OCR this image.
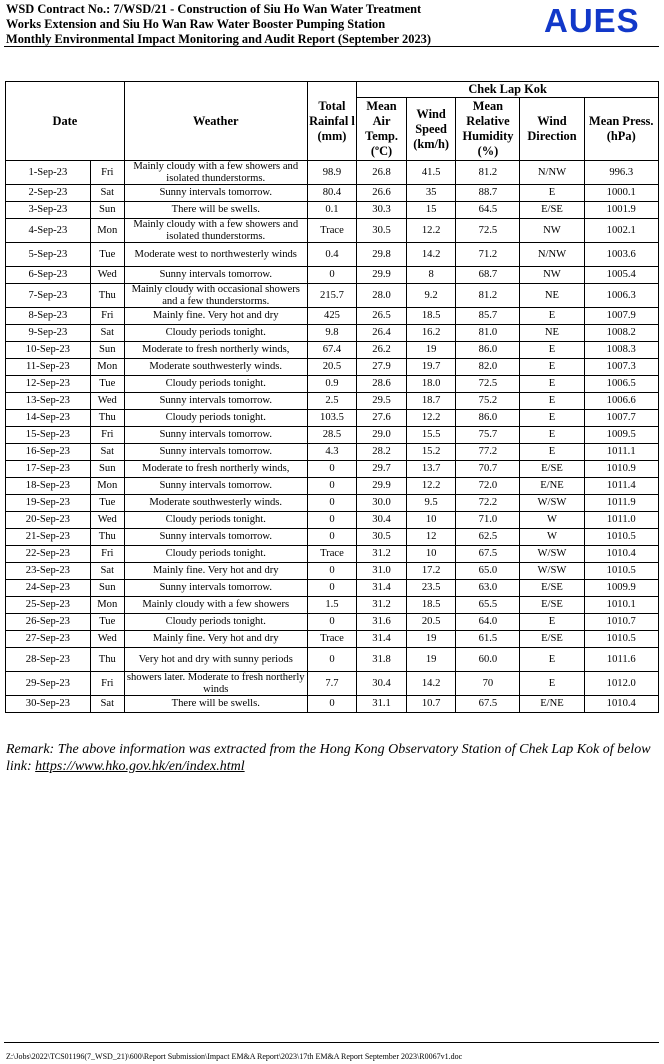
WSD Contract No.: 7/WSD/21 - Construction of Siu Ho Wan Water Treatment
Works Extension and Siu Ho Wan Raw Water Booster Pumping Station
Monthly Environmental Impact Monitoring and Audit Report (September 2023)	AUES
Date		Weather	Total Rainfal l (mm)	Chek Lap Kok				
				Mean Air Temp. (ºC)	Wind Speed (km/h)	Mean Relative Humidity (%)	Wind Direction	Mean Press. (hPa)
1-Sep-23	Fri	Mainly cloudy with a few showers and isolated thunderstorms.	98.9	26.8	41.5	81.2	N/NW	996.3
2-Sep-23	Sat	Sunny intervals tomorrow.	80.4	26.6	35	88.7	E	1000.1
3-Sep-23	Sun	There will be swells.	0.1	30.3	15	64.5	E/SE	1001.9
4-Sep-23	Mon	Mainly cloudy with a few showers and isolated thunderstorms.	Trace	30.5	12.2	72.5	NW	1002.1
5-Sep-23	Tue	Moderate west to northwesterly winds	0.4	29.8	14.2	71.2	N/NW	1003.6
6-Sep-23	Wed	Sunny intervals tomorrow.	0	29.9	8	68.7	NW	1005.4
7-Sep-23	Thu	Mainly cloudy with occasional showers and a few thunderstorms.	215.7	28.0	9.2	81.2	NE	1006.3
8-Sep-23	Fri	Mainly fine. Very hot and dry	425	26.5	18.5	85.7	E	1007.9
9-Sep-23	Sat	Cloudy periods tonight.	9.8	26.4	16.2	81.0	NE	1008.2
10-Sep-23	Sun	Moderate to fresh northerly winds,	67.4	26.2	19	86.0	E	1008.3
11-Sep-23	Mon	Moderate southwesterly winds.	20.5	27.9	19.7	82.0	E	1007.3
12-Sep-23	Tue	Cloudy periods tonight.	0.9	28.6	18.0	72.5	E	1006.5
13-Sep-23	Wed	Sunny intervals tomorrow.	2.5	29.5	18.7	75.2	E	1006.6
14-Sep-23	Thu	Cloudy periods tonight.	103.5	27.6	12.2	86.0	E	1007.7
15-Sep-23	Fri	Sunny intervals tomorrow.	28.5	29.0	15.5	75.7	E	1009.5
16-Sep-23	Sat	Sunny intervals tomorrow.	4.3	28.2	15.2	77.2	E	1011.1
17-Sep-23	Sun	Moderate to fresh northerly winds,	0	29.7	13.7	70.7	E/SE	1010.9
18-Sep-23	Mon	Sunny intervals tomorrow.	0	29.9	12.2	72.0	E/NE	1011.4
19-Sep-23	Tue	Moderate southwesterly winds.	0	30.0	9.5	72.2	W/SW	1011.9
20-Sep-23	Wed	Cloudy periods tonight.	0	30.4	10	71.0	W	1011.0
21-Sep-23	Thu	Sunny intervals tomorrow.	0	30.5	12	62.5	W	1010.5
22-Sep-23	Fri	Cloudy periods tonight.	Trace	31.2	10	67.5	W/SW	1010.4
23-Sep-23	Sat	Mainly fine. Very hot and dry	0	31.0	17.2	65.0	W/SW	1010.5
24-Sep-23	Sun	Sunny intervals tomorrow.	0	31.4	23.5	63.0	E/SE	1009.9
25-Sep-23	Mon	Mainly cloudy with a few showers	1.5	31.2	18.5	65.5	E/SE	1010.1
26-Sep-23	Tue	Cloudy periods tonight.	0	31.6	20.5	64.0	E	1010.7
27-Sep-23	Wed	Mainly fine. Very hot and dry	Trace	31.4	19	61.5	E/SE	1010.5
28-Sep-23	Thu	Very hot and dry with sunny periods	0	31.8	19	60.0	E	1011.6
29-Sep-23	Fri	showers later. Moderate to fresh northerly winds	7.7	30.4	14.2	70	E	1012.0
30-Sep-23	Sat	There will be swells.	0	31.1	10.7	67.5	E/NE	1010.4
Remark: The above information was extracted from the Hong Kong Observatory Station of Chek Lap Kok of below link: https://www.hko.gov.hk/en/index.html
Z:\Jobs\2022\TCS01196(7_WSD_21)\600\Report Submission\Impact EM&A Report\2023\17th EM&A Report September 2023\R0067v1.doc
